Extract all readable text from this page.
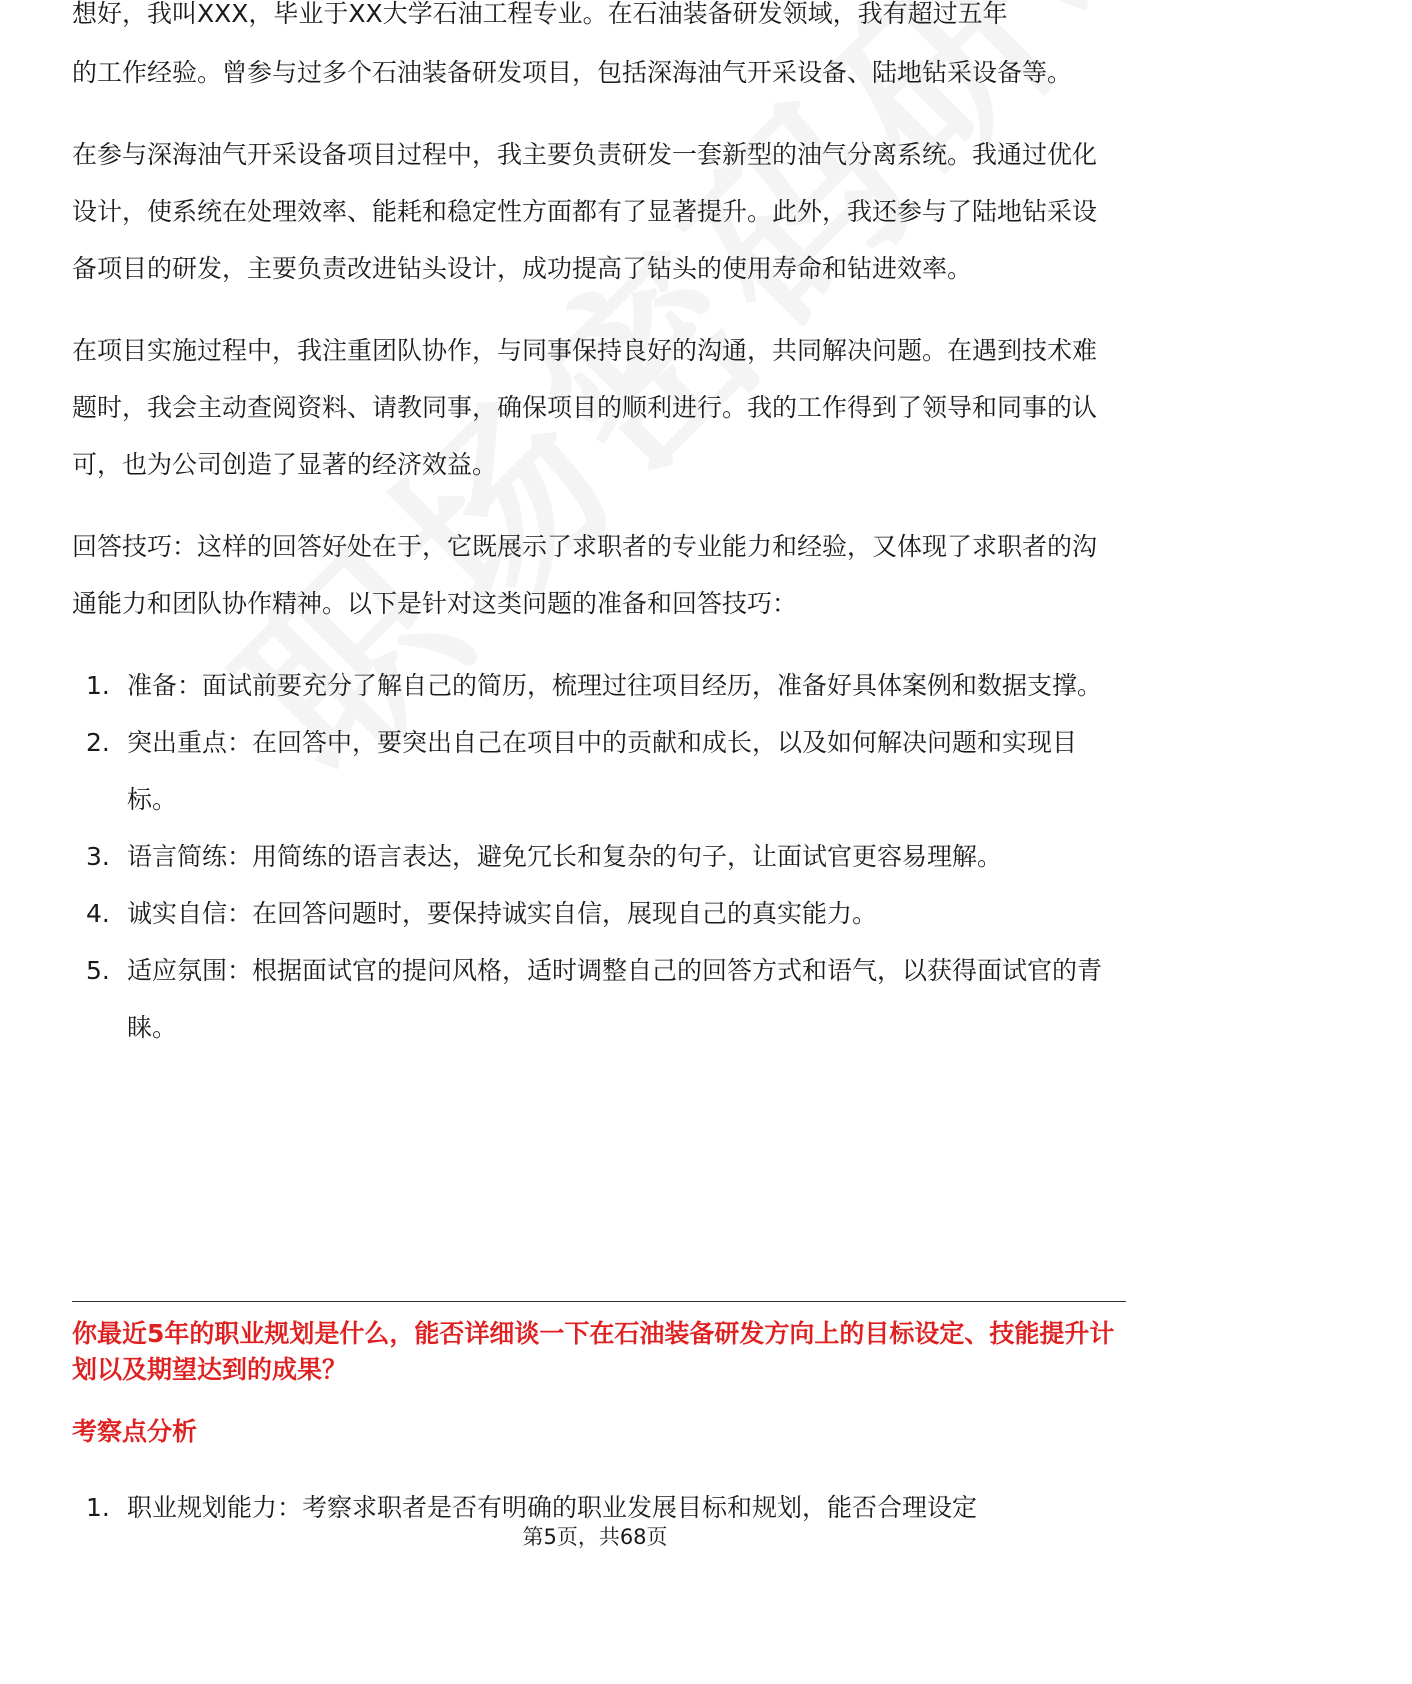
想好，我叫XXX，毕业于XX大学石油工程专业。在石油装备研发领域，我有超过五年

的工作经验。曾参与过多个石油装备研发项目，包括深海油气开采设备、陆地钻采设备等。

在参与深海油气开采设备项目过程中，我主要负责研发一套新型的油气分离系统。我通过优化设计，使系统在处理效率、能耗和稳定性方面都有了显著提升。此外，我还参与了陆地钻采设备项目的研发，主要负责改进钻头设计，成功提高了钻头的使用寿命和钻进效率。

在项目实施过程中，我注重团队协作，与同事保持良好的沟通，共同解决问题。在遇到技术难题时，我会主动查阅资料、请教同事，确保项目的顺利进行。我的工作得到了领导和同事的认可，也为公司创造了显著的经济效益。

回答技巧：这样的回答好处在于，它既展示了求职者的专业能力和经验，又体现了求职者的沟通能力和团队协作精神。以下是针对这类问题的准备和回答技巧：

1. 准备：面试前要充分了解自己的简历，梳理过往项目经历，准备好具体案例和数据支撑。
2. 突出重点：在回答中，要突出自己在项目中的贡献和成长，以及如何解决问题和实现目标。
3. 语言简练：用简练的语言表达，避免冗长和复杂的句子，让面试官更容易理解。
4. 诚实自信：在回答问题时，要保持诚实自信，展现自己的真实能力。
5. 适应氛围：根据面试官的提问风格，适时调整自己的回答方式和语气，以获得面试官的青睐。
你最近5年的职业规划是什么，能否详细谈一下在石油装备研发方向上的目标设定、技能提升计划以及期望达到的成果？
考察点分析
1. 职业规划能力：考察求职者是否有明确的职业发展目标和规划，能否合理设定
第5页，共68页
